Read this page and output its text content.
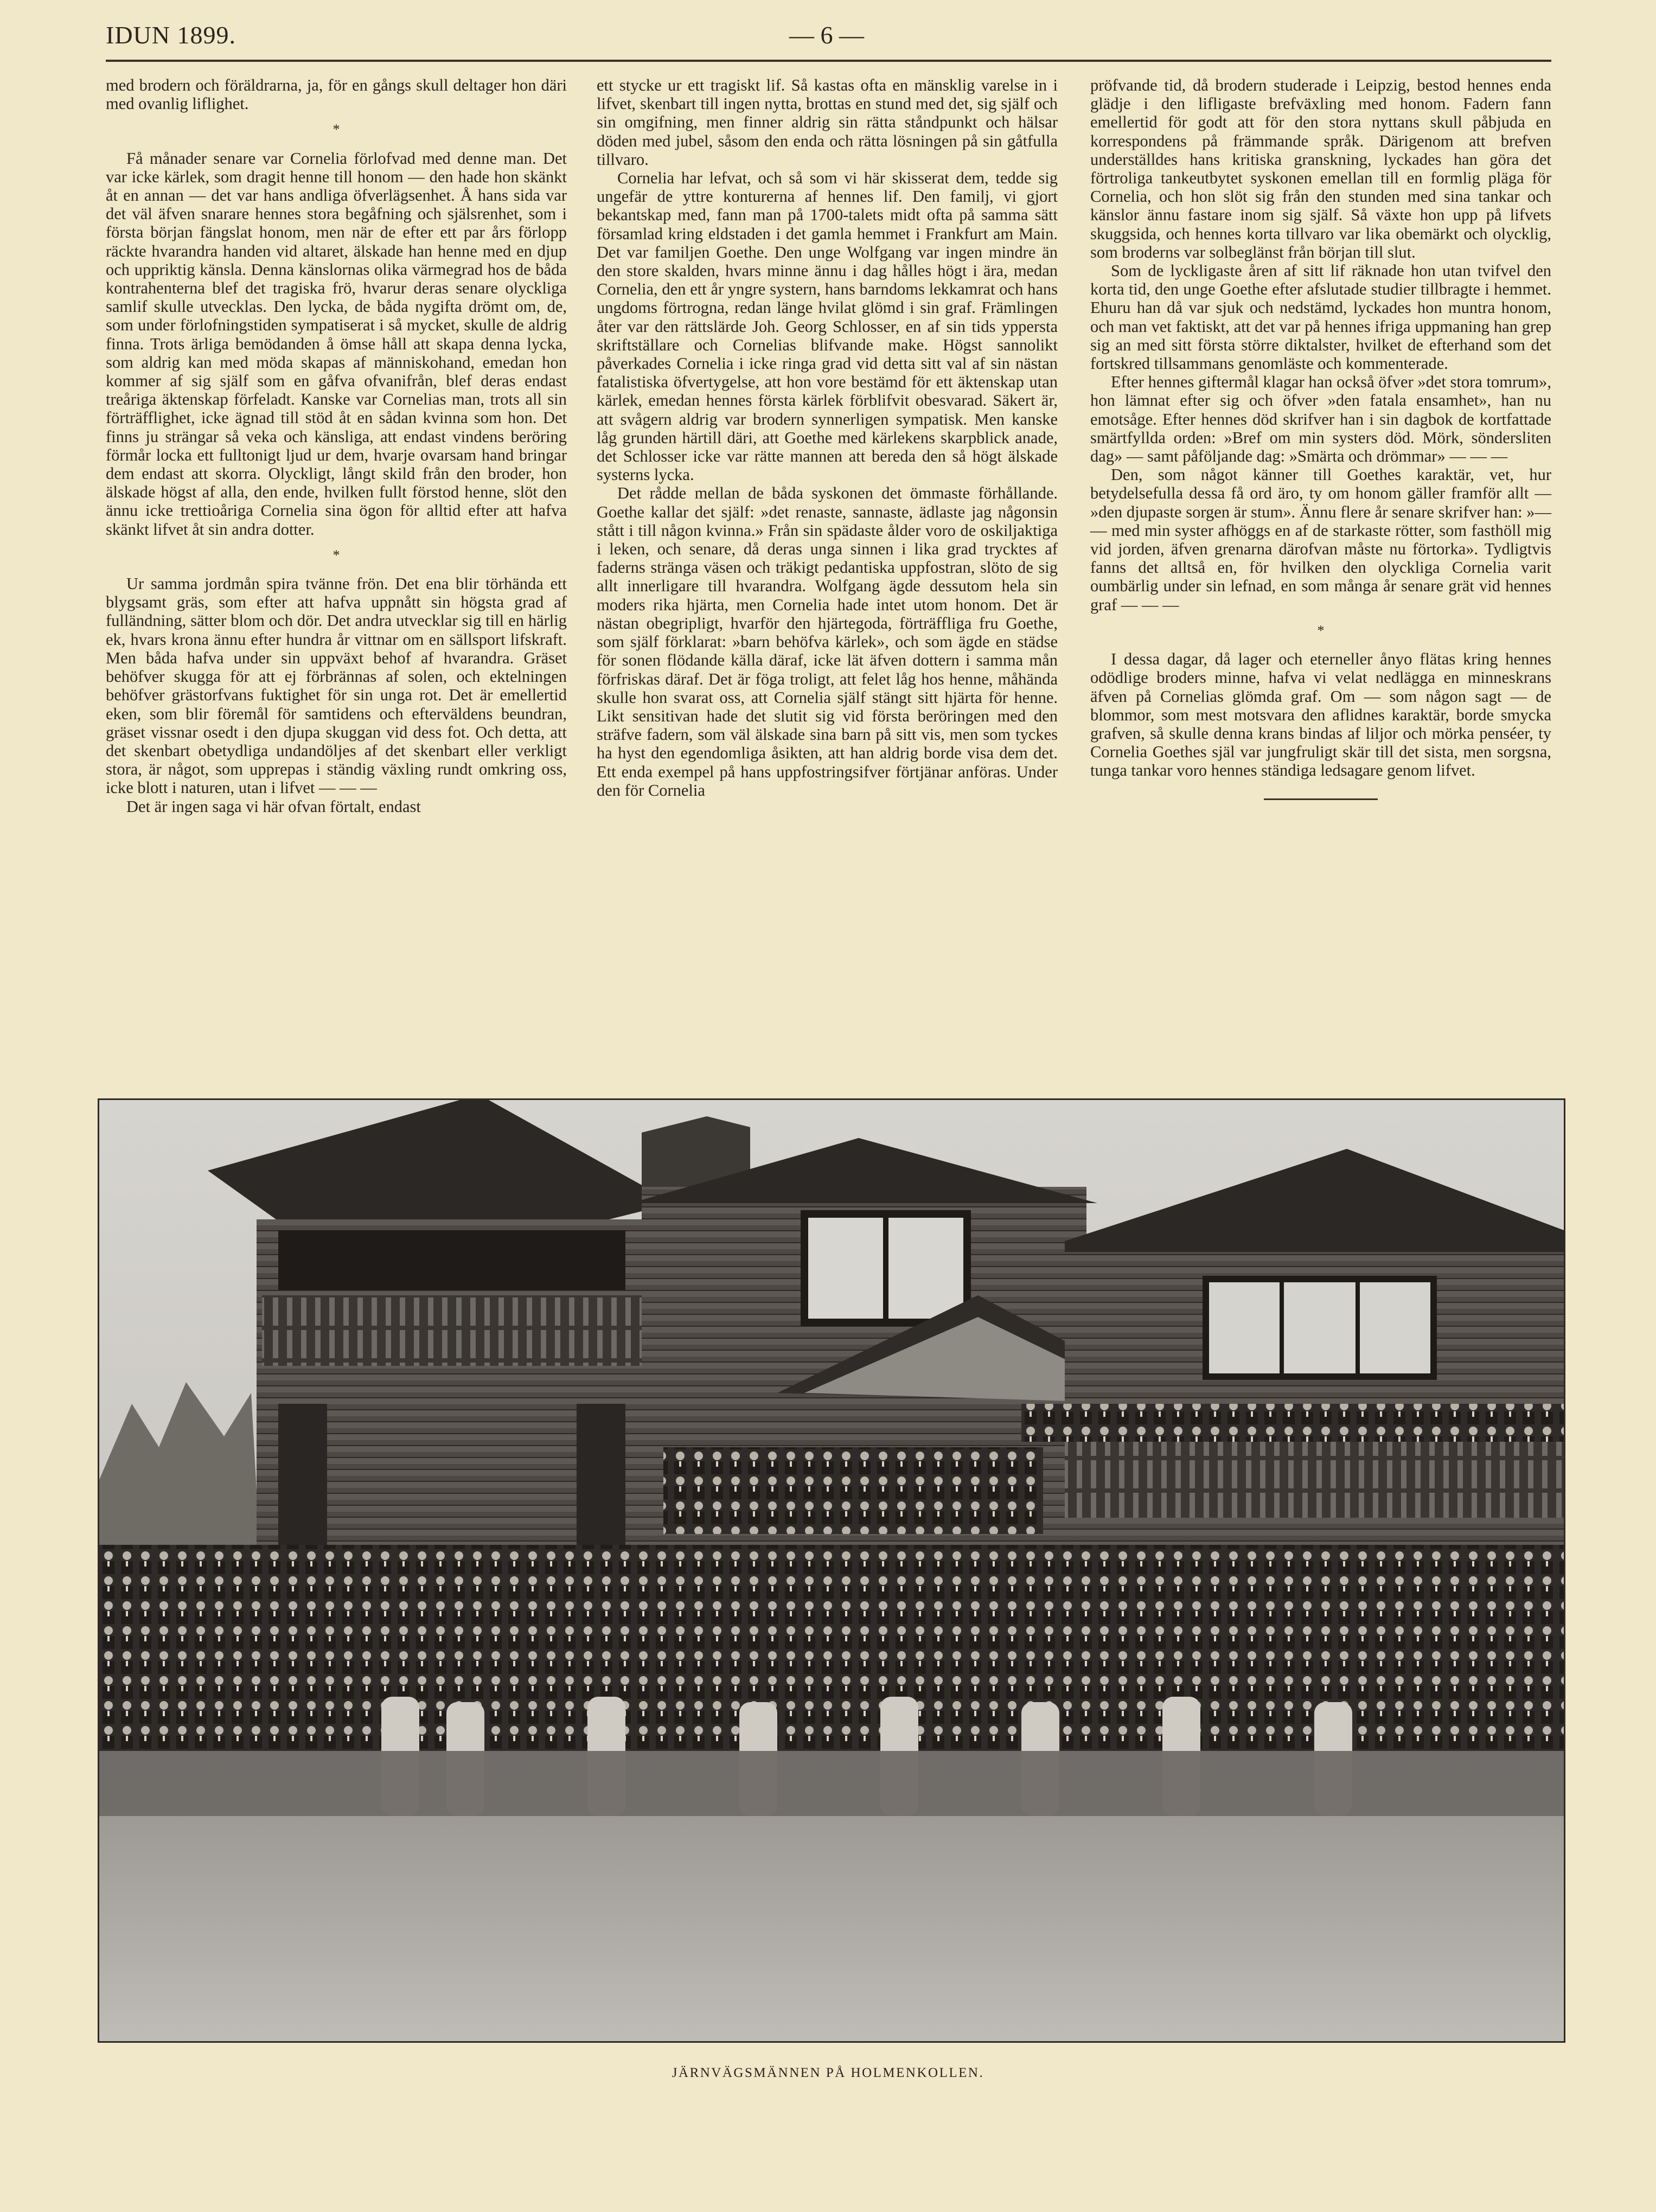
IDUN 1899.	— 6 —

med brodern och föräldrarna, ja, för en gångs skull deltager hon däri med ovanlig liflighet.

*

Få månader senare var Cornelia förlofvad med denne man. Det var icke kärlek, som dragit henne till honom — den hade hon skänkt åt en annan — det var hans andliga öfverlägsenhet. Å hans sida var det väl äfven snarare hennes stora begåfning och själsrenhet, som i första början fängslat honom, men när de efter ett par års förlopp räckte hvarandra handen vid altaret, älskade han henne med en djup och uppriktig känsla. Denna känslornas olika värmegrad hos de båda kontrahenterna blef det tragiska frö, hvarur deras senare olyckliga samlif skulle utvecklas. Den lycka, de båda nygifta drömt om, de, som under förlofningstiden sympatiserat i så mycket, skulle de aldrig finna. Trots ärliga bemödanden å ömse håll att skapa denna lycka, som aldrig kan med möda skapas af människohand, emedan hon kommer af sig själf som en gåfva ofvanifrån, blef deras endast treåriga äktenskap förfeladt. Kanske var Cornelias man, trots all sin förträfflighet, icke ägnad till stöd åt en sådan kvinna som hon. Det finns ju strängar så veka och känsliga, att endast vindens beröring förmår locka ett fulltonigt ljud ur dem, hvarje ovarsam hand bringar dem endast att skorra. Olyckligt, långt skild från den broder, hon älskade högst af alla, den ende, hvilken fullt förstod henne, slöt den ännu icke trettioåriga Cornelia sina ögon för alltid efter att hafva skänkt lifvet åt sin andra dotter.

*

Ur samma jordmån spira tvänne frön. Det ena blir törhända ett blygsamt gräs, som efter att hafva uppnått sin högsta grad af fulländning, sätter blom och dör. Det andra utvecklar sig till en härlig ek, hvars krona ännu efter hundra år vittnar om en sällsport lifskraft. Men båda hafva under sin uppväxt behof af hvarandra. Gräset behöfver skugga för att ej förbrännas af solen, och ektelningen behöfver grästorfvans fuktighet för sin unga rot. Det är emellertid eken, som blir föremål för samtidens och efterväldens beundran, gräset vissnar osedt i den djupa skuggan vid dess fot. Och detta, att det skenbart obetydliga undandöljes af det skenbart eller verkligt stora, är något, som upprepas i ständig växling rundt omkring oss, icke blott i naturen, utan i lifvet — — —

Det är ingen saga vi här ofvan förtalt, endast

ett stycke ur ett tragiskt lif. Så kastas ofta en mänsklig varelse in i lifvet, skenbart till ingen nytta, brottas en stund med det, sig själf och sin omgifning, men finner aldrig sin rätta ståndpunkt och hälsar döden med jubel, såsom den enda och rätta lösningen på sin gåtfulla tillvaro.

Cornelia har lefvat, och så som vi här skisserat dem, tedde sig ungefär de yttre konturerna af hennes lif. Den familj, vi gjort bekantskap med, fann man på 1700-talets midt ofta på samma sätt församlad kring eldstaden i det gamla hemmet i Frankfurt am Main. Det var familjen Goethe. Den unge Wolfgang var ingen mindre än den store skalden, hvars minne ännu i dag hålles högt i ära, medan Cornelia, den ett år yngre systern, hans barndoms lekkamrat och hans ungdoms förtrogna, redan länge hvilat glömd i sin graf. Främlingen åter var den rättslärde Joh. Georg Schlosser, en af sin tids yppersta skriftställare och Cornelias blifvande make. Högst sannolikt påverkades Cornelia i icke ringa grad vid detta sitt val af sin nästan fatalistiska öfvertygelse, att hon vore bestämd för ett äktenskap utan kärlek, emedan hennes första kärlek förblifvit obesvarad. Säkert är, att svågern aldrig var brodern synnerligen sympatisk. Men kanske låg grunden härtill däri, att Goethe med kärlekens skarpblick anade, det Schlosser icke var rätte mannen att bereda den så högt älskade systerns lycka.

Det rådde mellan de båda syskonen det ömmaste förhållande. Goethe kallar det själf: »det renaste, sannaste, ädlaste jag någonsin stått i till någon kvinna.» Från sin spädaste ålder voro de oskiljaktiga i leken, och senare, då deras unga sinnen i lika grad trycktes af faderns stränga väsen och träkigt pedantiska uppfostran, slöto de sig allt innerligare till hvarandra. Wolfgang ägde dessutom hela sin moders rika hjärta, men Cornelia hade intet utom honom. Det är nästan obegripligt, hvarför den hjärtegoda, förträffliga fru Goethe, som själf förklarat: »barn behöfva kärlek», och som ägde en städse för sonen flödande källa däraf, icke lät äfven dottern i samma mån förfriskas däraf. Det är föga troligt, att felet låg hos henne, måhända skulle hon svarat oss, att Cornelia själf stängt sitt hjärta för henne. Likt sensitivan hade det slutit sig vid första beröringen med den sträfve fadern, som väl älskade sina barn på sitt vis, men som tyckes ha hyst den egendomliga åsikten, att han aldrig borde visa dem det. Ett enda exempel på hans uppfostringsifver förtjänar anföras. Under den för Cornelia

pröfvande tid, då brodern studerade i Leipzig, bestod hennes enda glädje i den lifligaste brefväxling med honom. Fadern fann emellertid för godt att för den stora nyttans skull påbjuda en korrespondens på främmande språk. Därigenom att brefven underställdes hans kritiska granskning, lyckades han göra det förtroliga tankeutbytet syskonen emellan till en formlig pläga för Cornelia, och hon slöt sig från den stunden med sina tankar och känslor ännu fastare inom sig själf. Så växte hon upp på lifvets skuggsida, och hennes korta tillvaro var lika obemärkt och olycklig, som broderns var solbeglänst från början till slut.

Som de lyckligaste åren af sitt lif räknade hon utan tvifvel den korta tid, den unge Goethe efter afslutade studier tillbragte i hemmet. Ehuru han då var sjuk och nedstämd, lyckades hon muntra honom, och man vet faktiskt, att det var på hennes ifriga uppmaning han grep sig an med sitt första större diktalster, hvilket de efterhand som det fortskred tillsammans genomläste och kommenterade.

Efter hennes giftermål klagar han också öfver »det stora tomrum», hon lämnat efter sig och öfver »den fatala ensamhet», han nu emotsåge. Efter hennes död skrifver han i sin dagbok de kortfattade smärtfyllda orden: »Bref om min systers död. Mörk, söndersliten dag» — samt påföljande dag: »Smärta och drömmar» — — —

Den, som något känner till Goethes karaktär, vet, hur betydelsefulla dessa få ord äro, ty om honom gäller framför allt — »den djupaste sorgen är stum». Ännu flere år senare skrifver han: »— — med min syster afhöggs en af de starkaste rötter, som fasthöll mig vid jorden, äfven grenarna därofvan måste nu förtorka». Tydligtvis fanns det alltså en, för hvilken den olyckliga Cornelia varit oumbärlig under sin lefnad, en som många år senare grät vid hennes graf — — —

*

I dessa dagar, då lager och eterneller ånyo flätas kring hennes odödlige broders minne, hafva vi velat nedlägga en minneskrans äfven på Cornelias glömda graf. Om — som någon sagt — de blommor, som mest motsvara den aflidnes karaktär, borde smycka grafven, så skulle denna krans bindas af liljor och mörka penséer, ty Cornelia Goethes själ var jungfruligt skär till det sista, men sorgsna, tunga tankar voro hennes ständiga ledsagare genom lifvet.

JÄRNVÄGSMÄNNEN PÅ HOLMENKOLLEN.
